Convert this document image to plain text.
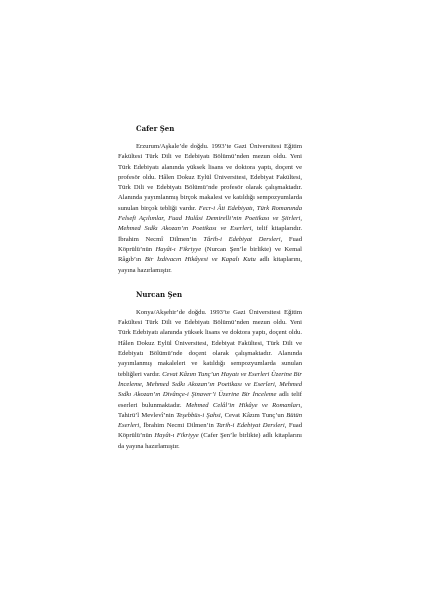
Cafer Şen

Erzurum/Aşkale’de doğdu. 1993’te Gazi Üniversitesi Eğitim Fakültesi Türk Dili ve Edebiyatı Bölümü’nden mezun oldu. Yeni Türk Edebiyatı alanında yüksek lisans ve doktora yaptı, doçent ve profesör oldu. Hâlen Dokuz Eylül Üniversitesi, Edebiyat Fakültesi, Türk Dili ve Edebiyatı Bölümü’nde profesör olarak çalışmaktadır. Alanında yayımlanmış birçok makalesi ve katıldığı sempozyumlarda sunulan birçok tebliği vardır. Fecr-i Âti Edebiyatı, Türk Romanında Felsefi Açılımlar, Fuad Hulûsi Demirelli’nin Poetikası ve Şiirleri, Mehmed Sıdkı Akozan’ın Poetikası ve Eserleri, telif kitaplarıdır. İbrahim Necmî Dilmen’in Târih-i Edebiyat Dersleri, Fuad Köprülü’nün Hayât-ı Fikriyye (Nurcan Şen’le birlikte) ve Kemal Râgıb’ın Bir İzdivacın Hikâyesi ve Kapalı Kutu adlı kitaplarını, yayına hazırlamıştır.

Nurcan Şen

Konya/Akşehir’de doğdu. 1993’te Gazi Üniversitesi Eğitim Fakültesi Türk Dili ve Edebiyatı Bölümü’nden mezun oldu. Yeni Türk Edebiyatı alanında yüksek lisans ve doktora yaptı, doçent oldu. Hâlen Dokuz Eylül Üniversitesi, Edebiyat Fakültesi, Türk Dili ve Edebiyatı Bölümü’nde doçent olarak çalışmaktadır. Alanında yayımlanmış makaleleri ve katıldığı sempozyumlarda sunulan tebliğleri vardır. Cevat Kâzım Tunç’un Hayatı ve Eserleri Üzerine Bir İnceleme, Mehmed Sıdkı Akozan’ın Poetikası ve Eserleri, Mehmed Sıdkı Akozan’ın Divânçe-i Şinaver’i Üzerine Bir İnceleme adlı telif eserleri bulunmaktadır. Mehmed Celâl’in Hikâye ve Romanları, Tahirü’l Mevlevî’nin Teşebbüs-i Şahsi, Cevat Kâzım Tunç’un Bütün Eserleri, İbrahim Necmi Dilmen’in Tarih-i Edebiyat Dersleri, Fuad Köprülü’nün Hayât-ı Fikriyye (Cafer Şen’le birlikte) adlı kitaplarını da yayına hazırlamıştır.
